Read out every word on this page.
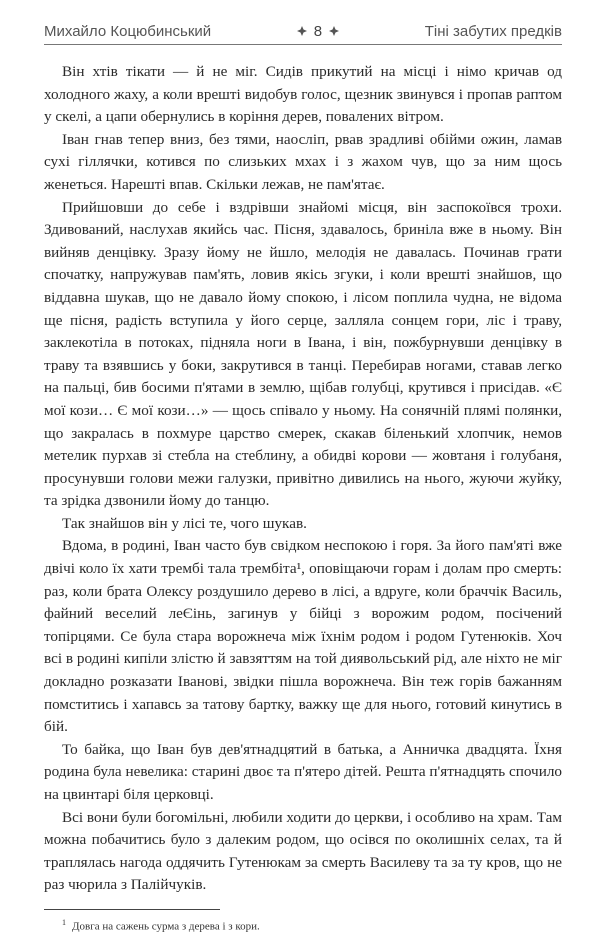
Михайло Коцюбинський	8	Тіні забутих предків

Він хтів тікати — й не міг. Сидів прикутий на місці і німо кричав од холодного жаху, а коли врешті видобув голос, щезник звинувся і пропав раптом у скелі, а цапи обернулись в коріння дерев, повалених вітром.

Іван гнав тепер вниз, без тями, наосліп, рвав зрадливі обійми ожин, ламав сухі гіллячки, котився по слизьких мхах і з жахом чув, що за ним щось жeнеться. Нарешті впав. Скільки лежав, не пам'ятає.

Прийшовши до себе і вздрівши знайомі місця, він заспокоївся трохи. Здивований, наслухав якийсь час. Пісня, здавалось, бриніла вже в ньому. Він вийняв денцівку. Зразу йому не йшло, мелодія не давалась. Починав грати спочатку, напружував пам'ять, ловив якісь згуки, і коли врешті знайшов, що віддавна шукав, що не давало йому спокою, і лісом поплила чудна, не відома ще пісня, радість вступила у його серце, залляла сонцем гори, ліс і траву, заклекотіла в потоках, підняла ноги в Івана, і він, пожбурнувши денцівку в траву та взявшись у боки, закрутився в танці. Перебирав ногами, ставав легко на пальці, бив босими п'ятами в землю, щібав голубці, крутився і присідав. «Є мої кози… Є мої кози…» — щось співало у ньому. На сонячній плямі полянки, що закралась в похмуре царство смерек, скакав біленький хлопчик, немов метелик пурхав зі стебла на стеблину, а обидві корови — жовтаня і голубаня, просунувши голови межи галузки, привітно дивились на нього, жуючи жуйку, та зрідка дзвонили йому до танцю.

Так знайшов він у лісі те, чого шукав.

Вдома, в родині, Іван часто був свідком неспокою і горя. За його пам'яті вже двічі коло їх хати трембі тала трембіта¹, оповіщаючи горам і долам про смерть: раз, коли брата Олексу роздушило дерево в лісі, а вдруге, коли браччік Василь, файний веселий леЄінь, загинув у бійці з ворожим родом, посічений топірцями. Се була стара ворожнеча між їхнім родом і родом Гутенюків. Хоч всі в родині кипіли злістю й завзяттям на той диявольський рід, але ніхто не міг докладно розказати Іванові, звідки пішла ворожнеча. Він теж горів бажанням помститись і хапавсь за татову бартку, важку ще для нього, готовий кинутись в бій.

То байка, що Іван був дев'ятнадцятий в батька, а Анничка двадцята. Їхня родина була невелика: старині двоє та п'ятеро дітей. Решта п'ятнадцять спочило на цвинтарі біля церковці.

Всі вони були богомільні, любили ходити до церкви, і особливо на храм. Там можна побачитись було з далеким родом, що осівся по околишніх селах, та й траплялась нагода оддячить Гутенюкам за смерть Василеву та за ту кров, що не раз чюрила з Палійчуків.

$^1$ Довга на сажень сурма з дерева і з кори.
